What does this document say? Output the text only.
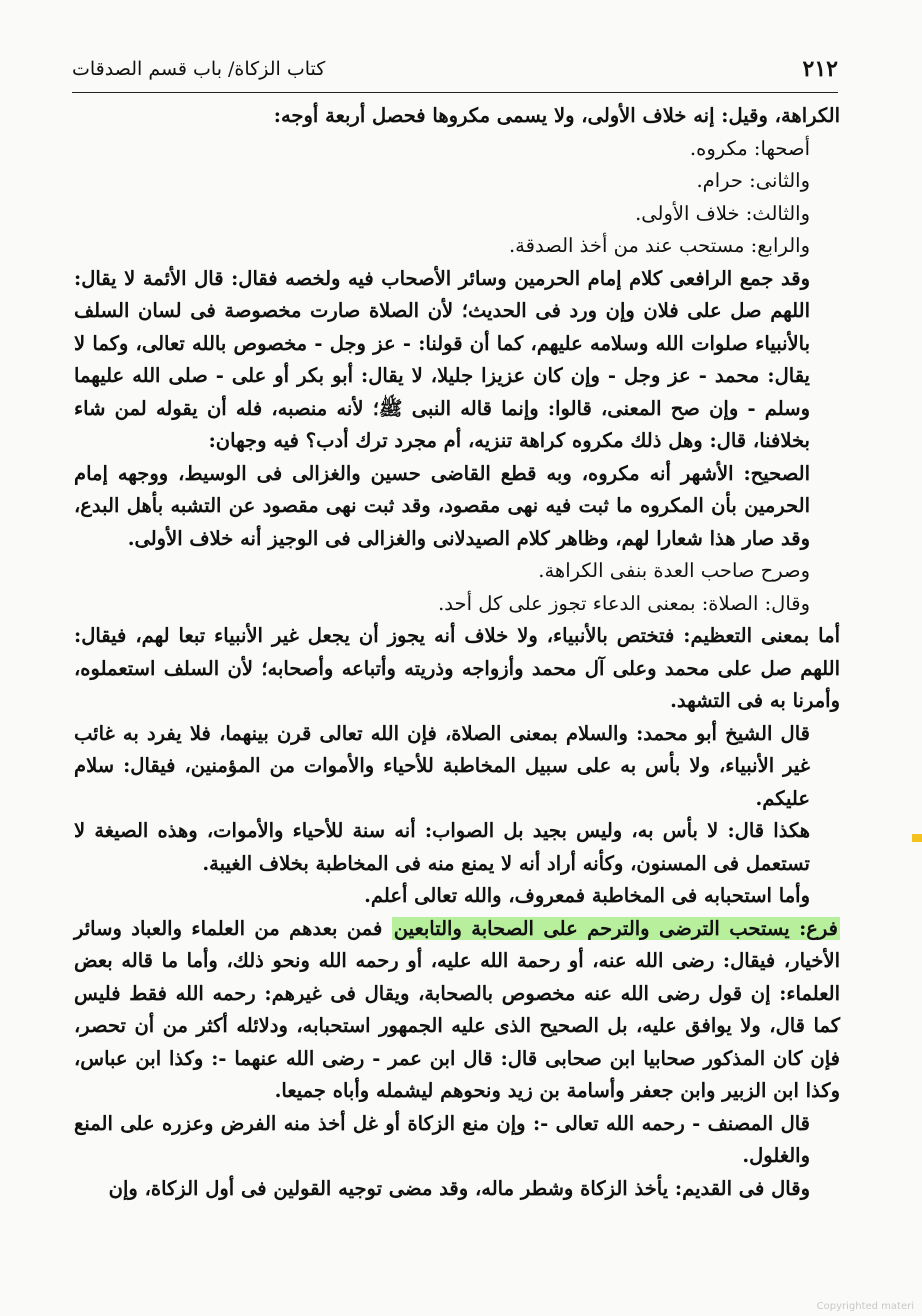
٢١٢
كتاب الزكاة/ باب قسم الصدقات

الكراهة، وقيل: إنه خلاف الأولى، ولا يسمى مكروها فحصل أربعة أوجه:

أصحها: مكروه.

والثانى: حرام.

والثالث: خلاف الأولى.

والرابع: مستحب عند من أخذ الصدقة.

وقد جمع الرافعى كلام إمام الحرمين وسائر الأصحاب فيه ولخصه فقال: قال الأئمة لا يقال: اللهم صل على فلان وإن ورد فى الحديث؛ لأن الصلاة صارت مخصوصة فى لسان السلف بالأنبياء صلوات الله وسلامه عليهم، كما أن قولنا: - عز وجل - مخصوص بالله تعالى، وكما لا يقال: محمد - عز وجل - وإن كان عزيزا جليلا، لا يقال: أبو بكر أو على - صلى الله عليهما وسلم - وإن صح المعنى، قالوا: وإنما قاله النبى ﷺ؛ لأنه منصبه، فله أن يقوله لمن شاء بخلافنا، قال: وهل ذلك مكروه كراهة تنزيه، أم مجرد ترك أدب؟ فيه وجهان:

الصحيح: الأشهر أنه مكروه، وبه قطع القاضى حسين والغزالى فى الوسيط، ووجهه إمام الحرمين بأن المكروه ما ثبت فيه نهى مقصود، وقد ثبت نهى مقصود عن التشبه بأهل البدع، وقد صار هذا شعارا لهم، وظاهر كلام الصيدلانى والغزالى فى الوجيز أنه خلاف الأولى.

وصرح صاحب العدة بنفى الكراهة.

وقال: الصلاة: بمعنى الدعاء تجوز على كل أحد.

أما بمعنى التعظيم: فتختص بالأنبياء، ولا خلاف أنه يجوز أن يجعل غير الأنبياء تبعا لهم، فيقال: اللهم صل على محمد وعلى آل محمد وأزواجه وذريته وأتباعه وأصحابه؛ لأن السلف استعملوه، وأمرنا به فى التشهد.

قال الشيخ أبو محمد: والسلام بمعنى الصلاة، فإن الله تعالى قرن بينهما، فلا يفرد به غائب غير الأنبياء، ولا بأس به على سبيل المخاطبة للأحياء والأموات من المؤمنين، فيقال: سلام عليكم.

هكذا قال: لا بأس به، وليس بجيد بل الصواب: أنه سنة للأحياء والأموات، وهذه الصيغة لا تستعمل فى المسنون، وكأنه أراد أنه لا يمنع منه فى المخاطبة بخلاف الغيبة.

وأما استحبابه فى المخاطبة فمعروف، والله تعالى أعلم.

فرع: يستحب الترضى والترحم على الصحابة والتابعين فمن بعدهم من العلماء والعباد وسائر الأخيار، فيقال: رضى الله عنه، أو رحمة الله عليه، أو رحمه الله ونحو ذلك، وأما ما قاله بعض العلماء: إن قول رضى الله عنه مخصوص بالصحابة، ويقال فى غيرهم: رحمه الله فقط فليس كما قال، ولا يوافق عليه، بل الصحيح الذى عليه الجمهور استحبابه، ودلائله أكثر من أن تحصر، فإن كان المذكور صحابيا ابن صحابى قال: قال ابن عمر - رضى الله عنهما -: وكذا ابن عباس، وكذا ابن الزبير وابن جعفر وأسامة بن زيد ونحوهم ليشمله وأباه جميعا.

قال المصنف - رحمه الله تعالى -: وإن منع الزكاة أو غل أخذ منه الفرض وعزره على المنع والغلول.

وقال فى القديم: يأخذ الزكاة وشطر ماله، وقد مضى توجيه القولين فى أول الزكاة، وإن

Copyrighted materi
